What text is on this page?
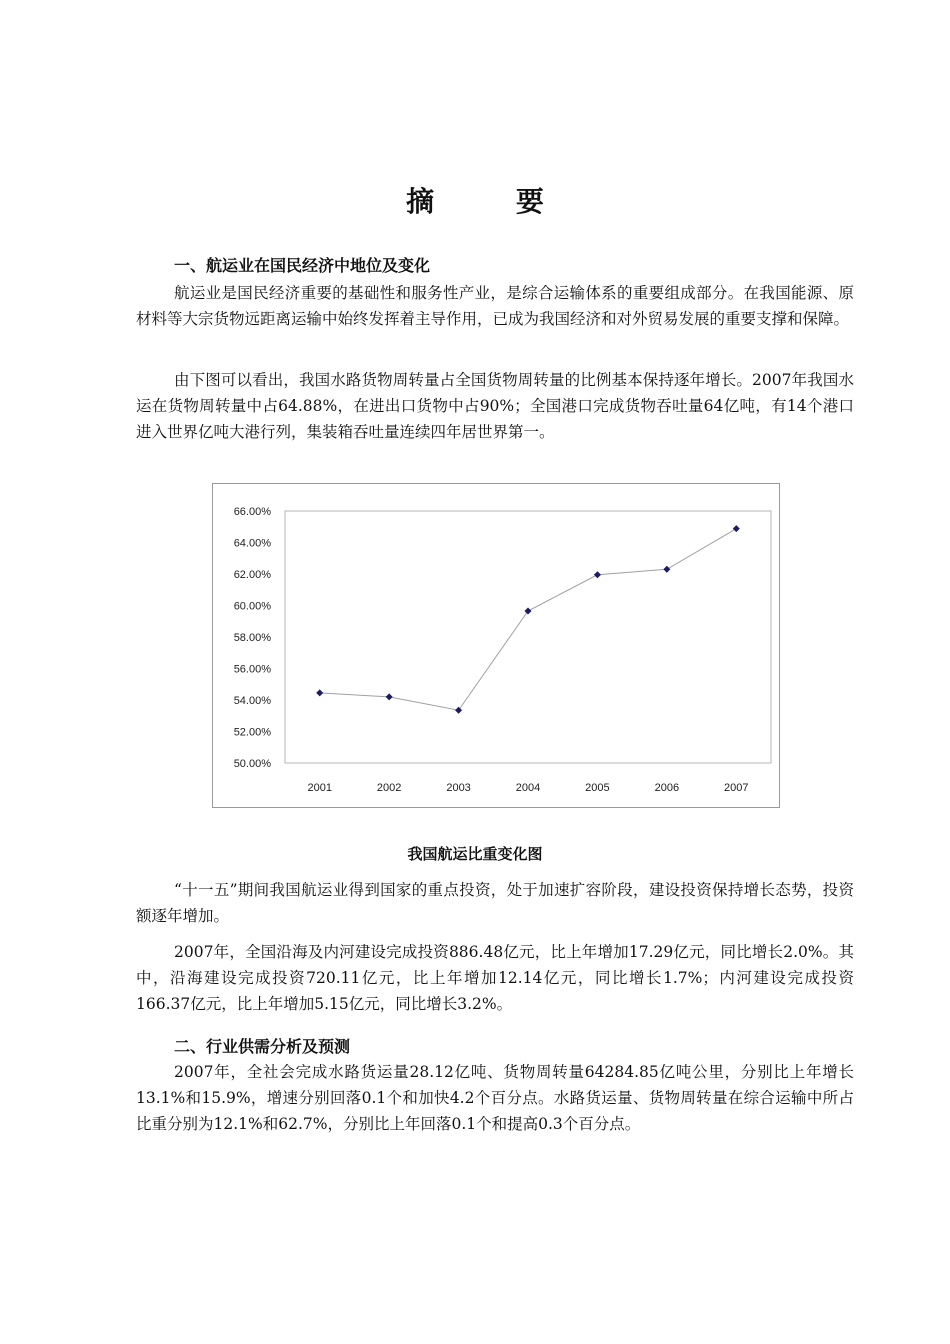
摘 要
一、航运业在国民经济中地位及变化

航运业是国民经济重要的基础性和服务性产业，是综合运输体系的重要组成部分。在我国能源、原材料等大宗货物远距离运输中始终发挥着主导作用，已成为我国经济和对外贸易发展的重要支撑和保障。

由下图可以看出，我国水路货物周转量占全国货物周转量的比例基本保持逐年增长。2007年我国水运在货物周转量中占64.88%，在进出口货物中占90%；全国港口完成货物吞吐量64亿吨，有14个港口进入世界亿吨大港行列，集装箱吞吐量连续四年居世界第一。

66.00%
64.00%
62.00%
60.00%
58.00%
56.00%
54.00%
52.00%
50.00%
2001	2002	2003	2004	2005	2006	2007
我国航运比重变化图

“十一五”期间我国航运业得到国家的重点投资，处于加速扩容阶段，建设投资保持增长态势，投资额逐年增加。

2007年，全国沿海及内河建设完成投资886.48亿元，比上年增加17.29亿元，同比增长2.0%。其中，沿海建设完成投资720.11亿元，比上年增加12.14亿元，同比增长1.7%；内河建设完成投资166.37亿元，比上年增加5.15亿元，同比增长3.2%。

二、行业供需分析及预测

2007年，全社会完成水路货运量28.12亿吨、货物周转量64284.85亿吨公里，分别比上年增长13.1%和15.9%，增速分别回落0.1个和加快4.2个百分点。水路货运量、货物周转量在综合运输中所占比重分别为12.1%和62.7%，分别比上年回落0.1个和提高0.3个百分点。
